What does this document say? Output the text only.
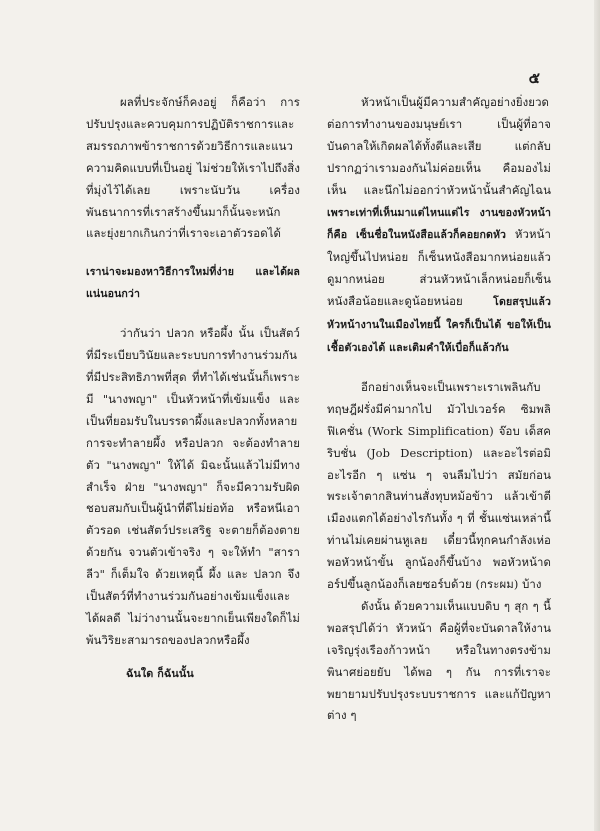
๕

ผลที่ประจักษ์ก็คงอยู่ ก็คือว่า การปรับปรุงและควบคุมการปฏิบัติราชการและสมรรถภาพข้าราชการด้วยวิธีการและแนวความคิดแบบที่เป็นอยู่ ไม่ช่วยให้เราไปถึงสิ่งที่มุ่งไว้ได้เลย เพราะนับวัน เครื่องพันธนาการที่เราสร้างขึ้นมาก็นั้นจะหนักและยุ่งยากเกินกว่าที่เราจะเอาตัวรอดได้

เราน่าจะมองหาวิธีการใหม่ที่ง่าย และได้ผลแน่นอนกว่า

ว่ากันว่า ปลวก หรือผึ้ง นั้น เป็นสัตว์ที่มีระเบียบวินัยและระบบการทำงานร่วมกันที่มีประสิทธิภาพที่สุด ที่ทำได้เช่นนั้นก็เพราะมี "นางพญา" เป็นหัวหน้าที่เข้มแข็ง และเป็นที่ยอมรับในบรรดาผึ้งและปลวกทั้งหลาย การจะทำลายผึ้ง หรือปลวก จะต้องทำลายตัว "นางพญา" ให้ได้ มิฉะนั้นแล้วไม่มีทางสำเร็จ ฝ่าย "นางพญา" ก็จะมีความรับผิดชอบสมกับเป็นผู้นำที่ดีไม่ย่อท้อ หรือหนีเอาตัวรอด เช่นสัตว์ประเสริฐ จะตายก็ต้องตายด้วยกัน จวนตัวเข้าจริง ๆ จะให้ทำ "สาราลีว" ก็เต็มใจ ด้วยเหตุนี้ ผึ้ง และ ปลวก จึงเป็นสัตว์ที่ทำงานร่วมกันอย่างเข้มแข็งและได้ผลดี ไม่ว่างานนั้นจะยากเย็นเพียงใดก็ไม่พ้นวิริยะสามารถของปลวกหรือผึ้ง

ฉันใด ก็ฉันนั้น

หัวหน้าเป็นผู้มีความสำคัญอย่างยิ่งยวดต่อการทำงานของมนุษย์เรา เป็นผู้ที่อาจบันดาลให้เกิดผลได้ทั้งดีและเสีย แต่กลับปรากฏว่าเรามองกันไม่ค่อยเห็น คือมองไม่เห็น และนึกไม่ออกว่าหัวหน้านั้นสำคัญไฉน เพราะเท่าที่เห็นมาแต่ไหนแต่ไร งานของหัวหน้า ก็คือ เซ็นชื่อในหนังสือแล้วก็คอยกดหัว หัวหน้าใหญ่ขึ้นไปหน่อย ก็เซ็นหนังสือมากหน่อยแล้วดูมากหน่อย ส่วนหัวหน้าเล็กหน่อยก็เซ็นหนังสือน้อยและดูน้อยหน่อย	โดยสรุปแล้วหัวหน้างานในเมืองไทยนี้ ใครก็เป็นได้ ขอให้เป็นเชื้อตัวเองได้ และเติมคำให้เบื่อก็แล้วกัน

อีกอย่างเห็นจะเป็นเพราะเราเพลินกับทฤษฎีฝรั่งมีค่ามากไป มัวไปเวอร์ค ซิมพลิฟิเคชั่น (Work Simplification) จ๊อบ เด็สคริบชั่น (Job Description) และอะไรต่อมิอะไรอีก ๆ แซ่น ๆ จนลืมไปว่า สมัยก่อนพระเจ้าตากสินท่านสั่งทุบหม้อข้าว แล้วเข้าตีเมืองแตกได้อย่างไรกันทั้ง ๆ ที่ ชั้นแซ่นเหล่านี้ท่านไม่เคยผ่านหูเลย เดี๋ยวนี้ทุกคนกำลังเห่อ พอหัวหน้าขั้น ลูกน้องก็ขึ้นบ้าง พอหัวหน้าดอร์ปขึ้นลูกน้องก็เลยซอร์บด้วย (กระผม) บ้าง

ดังนั้น ด้วยความเห็นแบบดิบ ๆ สุก ๆ นี้พอสรุปได้ว่า หัวหน้า คือผู้ที่จะบันดาลให้งานเจริญรุ่งเรืองก้าวหน้า หรือในทางตรงข้ามพินาศย่อยยับ ได้พอ ๆ กัน การที่เราจะพยายามปรับปรุงระบบราชการ และแก้ปัญหาต่าง ๆ
